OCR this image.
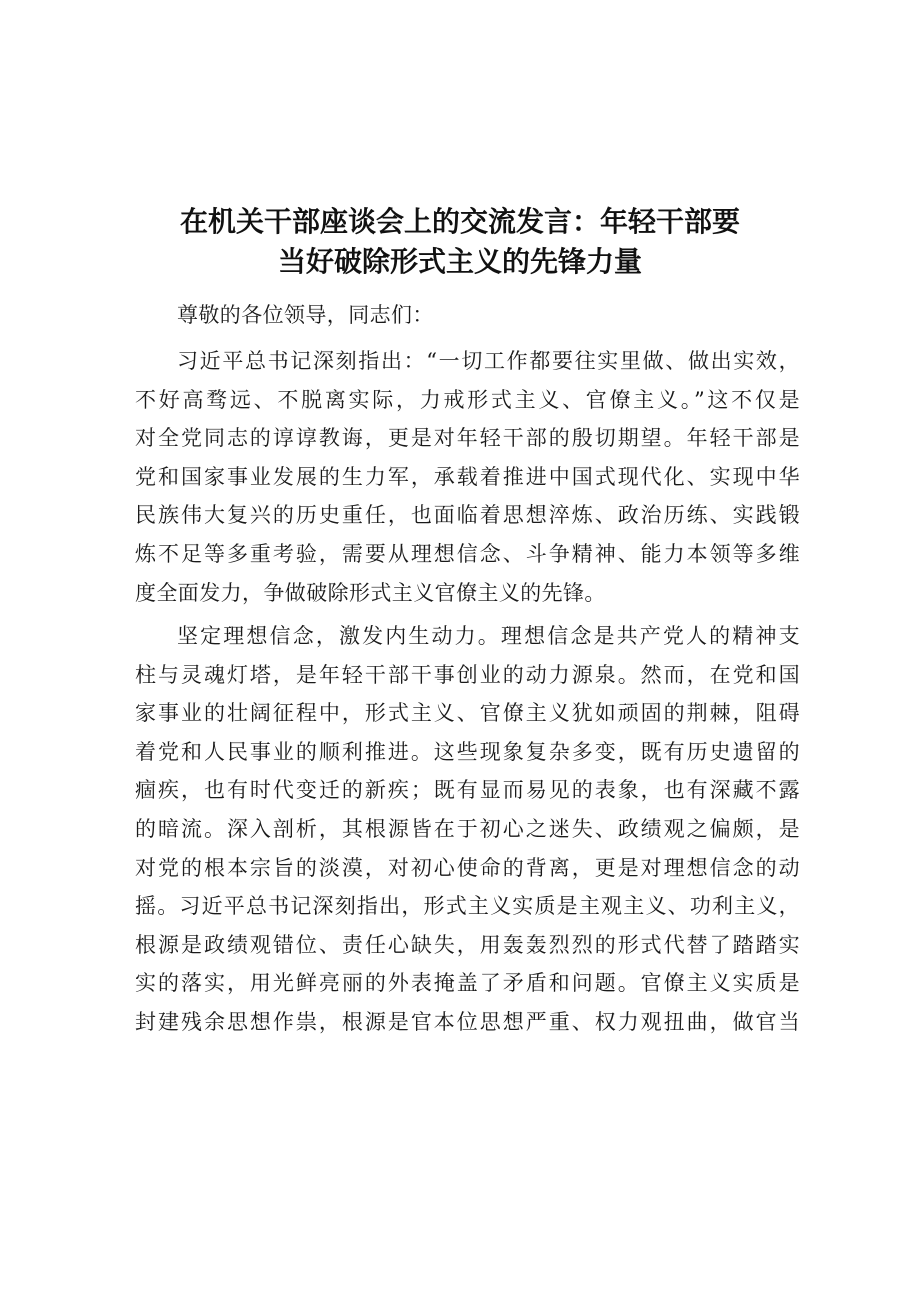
在机关干部座谈会上的交流发言：年轻干部要
当好破除形式主义的先锋力量

尊敬的各位领导，同志们：

习近平总书记深刻指出：“一切工作都要往实里做、做出实效，
不好高骛远、不脱离实际，力戒形式主义、官僚主义。”这不仅是
对全党同志的谆谆教诲，更是对年轻干部的殷切期望。年轻干部是
党和国家事业发展的生力军，承载着推进中国式现代化、实现中华
民族伟大复兴的历史重任，也面临着思想淬炼、政治历练、实践锻
炼不足等多重考验，需要从理想信念、斗争精神、能力本领等多维
度全面发力，争做破除形式主义官僚主义的先锋。

坚定理想信念，激发内生动力。理想信念是共产党人的精神支
柱与灵魂灯塔，是年轻干部干事创业的动力源泉。然而，在党和国
家事业的壮阔征程中，形式主义、官僚主义犹如顽固的荆棘，阻碍
着党和人民事业的顺利推进。这些现象复杂多变，既有历史遗留的
痼疾，也有时代变迁的新疾；既有显而易见的表象，也有深藏不露
的暗流。深入剖析，其根源皆在于初心之迷失、政绩观之偏颇，是
对党的根本宗旨的淡漠，对初心使命的背离，更是对理想信念的动
摇。习近平总书记深刻指出，形式主义实质是主观主义、功利主义，
根源是政绩观错位、责任心缺失，用轰轰烈烈的形式代替了踏踏实
实的落实，用光鲜亮丽的外表掩盖了矛盾和问题。官僚主义实质是
封建残余思想作祟，根源是官本位思想严重、权力观扭曲，做官当
